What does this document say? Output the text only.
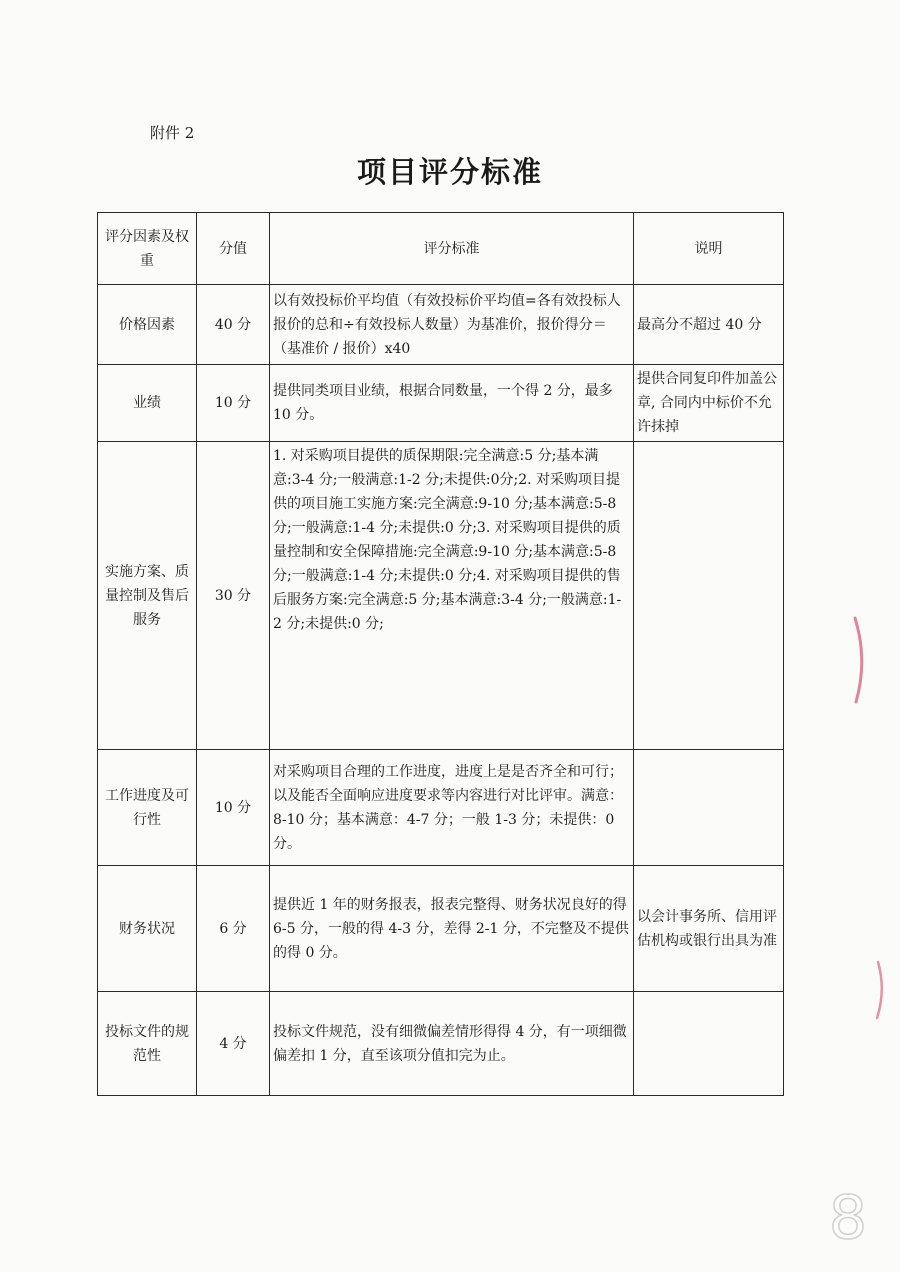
附件 2
项目评分标准
评分因素及权重	分值	评分标准	说明
价格因素	40 分	以有效投标价平均值（有效投标价平均值=各有效投标人报价的总和÷有效投标人数量）为基准价，报价得分＝（基准价 / 报价）x40	最高分不超过 40 分
业绩	10 分	提供同类项目业绩，根据合同数量，一个得 2 分，最多 10 分。	提供合同复印件加盖公章, 合同内中标价不允许抹掉
实施方案、质量控制及售后服务	30 分	1. 对采购项目提供的质保期限:完全满意:5 分;基本满意:3-4 分;一般满意:1-2 分;未提供:0分;2. 对采购项目提供的项目施工实施方案:完全满意:9-10 分;基本满意:5-8 分;一般满意:1-4 分;未提供:0 分;3. 对采购项目提供的质量控制和安全保障措施:完全满意:9-10 分;基本满意:5-8 分;一般满意:1-4 分;未提供:0 分;4. 对采购项目提供的售后服务方案:完全满意:5 分;基本满意:3-4 分;一般满意:1-2 分;未提供:0 分;	
工作进度及可行性	10 分	对采购项目合理的工作进度，进度上是是否齐全和可行；以及能否全面响应进度要求等内容进行对比评审。满意：8-10 分；基本满意：4-7 分；一般 1-3 分；未提供：0 分。	
财务状况	6 分	提供近 1 年的财务报表，报表完整得、财务状况良好的得 6-5 分，一般的得 4-3 分，差得 2-1 分，不完整及不提供的得 0 分。	以会计事务所、信用评估机构或银行出具为准
投标文件的规范性	4 分	投标文件规范，没有细微偏差情形得得 4 分，有一项细微偏差扣 1 分，直至该项分值扣完为止。	
8
